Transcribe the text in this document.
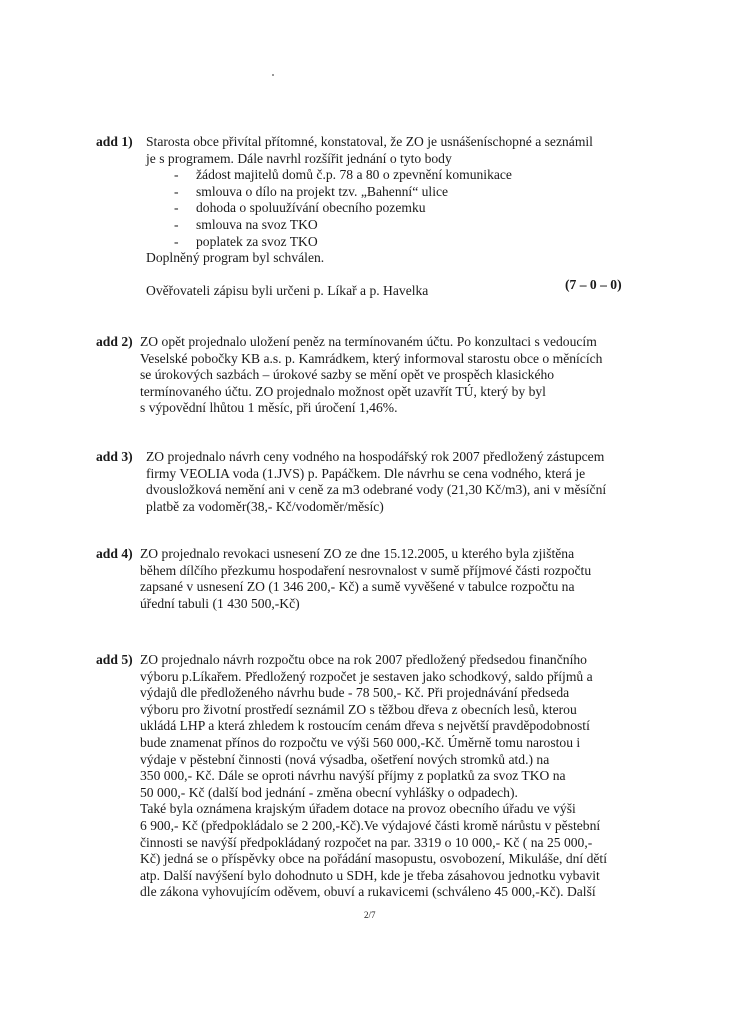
add 1) Starosta obce přivítal přítomné, konstatoval, že ZO je usnášeníschopné a seznámil
je s programem. Dále navrhl rozšířit jednání o tyto body
- žádost majitelů domů č.p. 78 a 80 o zpevnění komunikace
- smlouva o dílo na projekt tzv. „Bahenní“ ulice
- dohoda o spoluužívání obecního pozemku
- smlouva na svoz TKO
- poplatek za svoz TKO
Doplněný program byl schválen.
Ověřovateli zápisu byli určeni p. Líkař a p. Havelka	(7 – 0 – 0)
add 2) ZO opět projednalo uložení peněz na termínovaném účtu. Po konzultaci s vedoucím
Veselské pobočky KB a.s. p. Kamrádkem, který informoval starostu obce o měnících
se úrokových sazbách – úrokové sazby se mění opět ve prospěch klasického
termínovaného účtu. ZO projednalo možnost opět uzavřít TÚ, který by byl
s výpovědní lhůtou 1 měsíc, při úročení 1,46%.
add 3) ZO projednalo návrh ceny vodného na hospodářský rok 2007 předložený zástupcem
firmy VEOLIA voda (1.JVS) p. Papáčkem. Dle návrhu se cena vodného, která je
dvousložková nemění ani v ceně za m3 odebrané vody (21,30 Kč/m3), ani v měsíční
platbě za vodoměr(38,- Kč/vodoměr/měsíc)
add 4) ZO projednalo revokaci usnesení ZO ze dne 15.12.2005, u kterého byla zjištěna
během dílčího přezkumu hospodaření nesrovnalost v sumě příjmové části rozpočtu
zapsané v usnesení ZO (1 346 200,- Kč) a sumě vyvěšené v tabulce rozpočtu na
úřední tabuli (1 430 500,-Kč)
add 5) ZO projednalo návrh rozpočtu obce na rok 2007 předložený předsedou finančního
výboru p.Líkařem. Předložený rozpočet je sestaven jako schodkový, saldo příjmů a
výdajů dle předloženého návrhu bude - 78 500,- Kč. Při projednávání předseda
výboru pro životní prostředí seznámil ZO s těžbou dřeva z obecních lesů, kterou
ukládá LHP a která zhledem k rostoucím cenám dřeva s největší pravděpodobností
bude znamenat přínos do rozpočtu ve výši 560 000,-Kč. Úměrně tomu narostou i
výdaje v pěstební činnosti (nová výsadba, ošetření nových stromků atd.) na
350 000,- Kč. Dále se oproti návrhu navýší příjmy z poplatků za svoz TKO na
50 000,- Kč (další bod jednání - změna obecní vyhlášky o odpadech).
Také byla oznámena krajským úřadem dotace na provoz obecního úřadu ve výši
6 900,- Kč (předpokládalo se 2 200,-Kč).Ve výdajové části kromě nárůstu v pěstební
činnosti se navýší předpokládaný rozpočet na par. 3319 o 10 000,- Kč ( na 25 000,-
Kč) jedná se o příspěvky obce na pořádání masopustu, osvobození, Mikuláše, dní dětí
atp. Další navýšení bylo dohodnuto u SDH, kde je třeba zásahovou jednotku vybavit
dle zákona vyhovujícím oděvem, obuví a rukavicemi (schváleno 45 000,-Kč). Další
2/7
